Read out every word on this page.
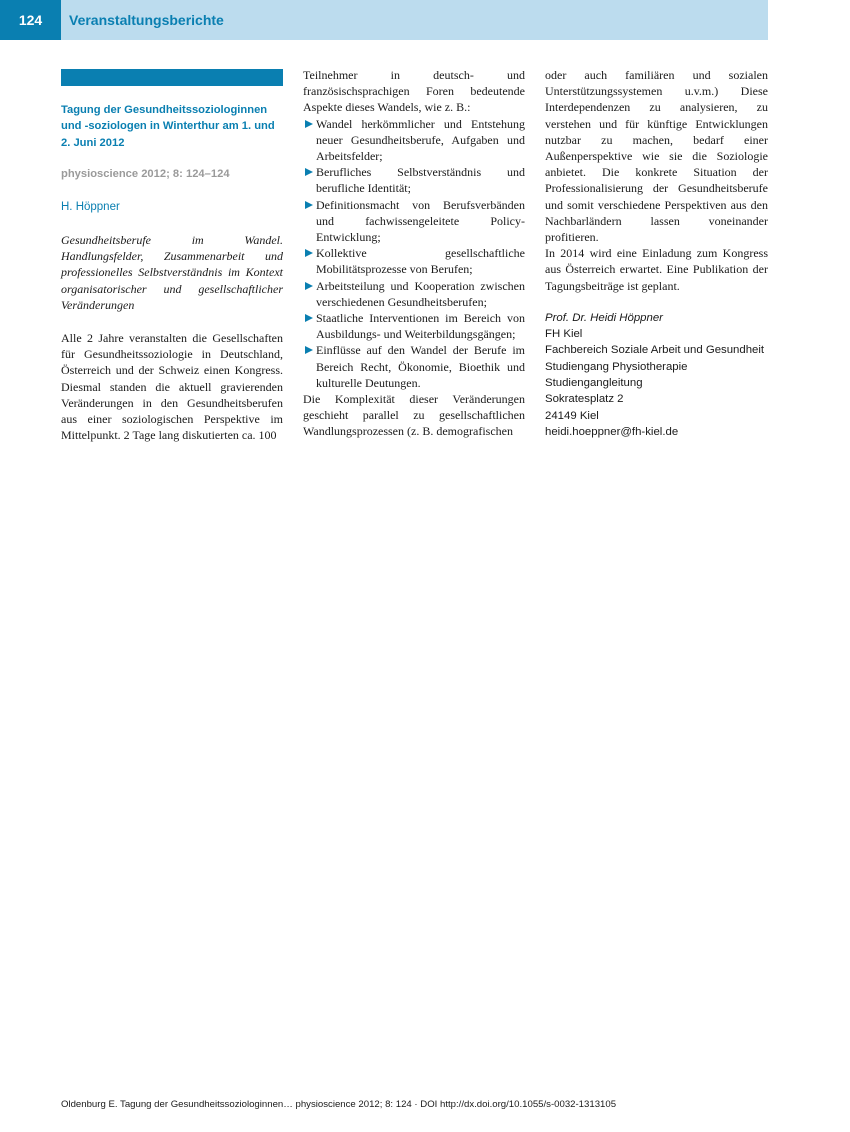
124	Veranstaltungsberichte
Tagung der Gesundheitssoziologinnen und -soziologen in Winterthur am 1. und 2. Juni 2012
physioscience 2012; 8: 124–124
H. Höppner
Gesundheitsberufe im Wandel. Handlungsfelder, Zusammenarbeit und professionelles Selbstverständnis im Kontext organisatorischer und gesellschaftlicher Veränderungen

Alle 2 Jahre veranstalten die Gesellschaften für Gesundheitssoziologie in Deutschland, Österreich und der Schweiz einen Kongress. Diesmal standen die aktuell gravierenden Veränderungen in den Gesundheitsberufen aus einer soziologischen Perspektive im Mittelpunkt. 2 Tage lang diskutierten ca. 100

Teilnehmer in deutsch- und französischsprachigen Foren bedeutende Aspekte dieses Wandels, wie z. B.:

Wandel herkömmlicher und Entstehung neuer Gesundheitsberufe, Aufgaben und Arbeitsfelder;
Berufliches Selbstverständnis und berufliche Identität;
Definitionsmacht von Berufsverbänden und fachwissengeleitete Policy-Entwicklung;
Kollektive gesellschaftliche Mobilitätsprozesse von Berufen;
Arbeitsteilung und Kooperation zwischen verschiedenen Gesundheitsberufen;
Staatliche Interventionen im Bereich von Ausbildungs- und Weiterbildungsgängen;
Einflüsse auf den Wandel der Berufe im Bereich Recht, Ökonomie, Bioethik und kulturelle Deutungen.

Die Komplexität dieser Veränderungen geschieht parallel zu gesellschaftlichen Wandlungsprozessen (z. B. demografischen

oder auch familiären und sozialen Unterstützungssystemen u.v.m.) Diese Interdependenzen zu analysieren, zu verstehen und für künftige Entwicklungen nutzbar zu machen, bedarf einer Außenperspektive wie sie die Soziologie anbietet. Die konkrete Situation der Professionalisierung der Gesundheitsberufe und somit verschiedene Perspektiven aus den Nachbarländern lassen voneinander profitieren.

In 2014 wird eine Einladung zum Kongress aus Österreich erwartet. Eine Publikation der Tagungsbeiträge ist geplant.

Prof. Dr. Heidi Höppner
FH Kiel
Fachbereich Soziale Arbeit und Gesundheit
Studiengang Physiotherapie
Studiengangleitung
Sokratesplatz 2
24149 Kiel
heidi.hoeppner@fh-kiel.de
Oldenburg E. Tagung der Gesundheitssoziologinnen… physioscience 2012; 8: 124 · DOI http://dx.doi.org/10.1055/s-0032-1313105
